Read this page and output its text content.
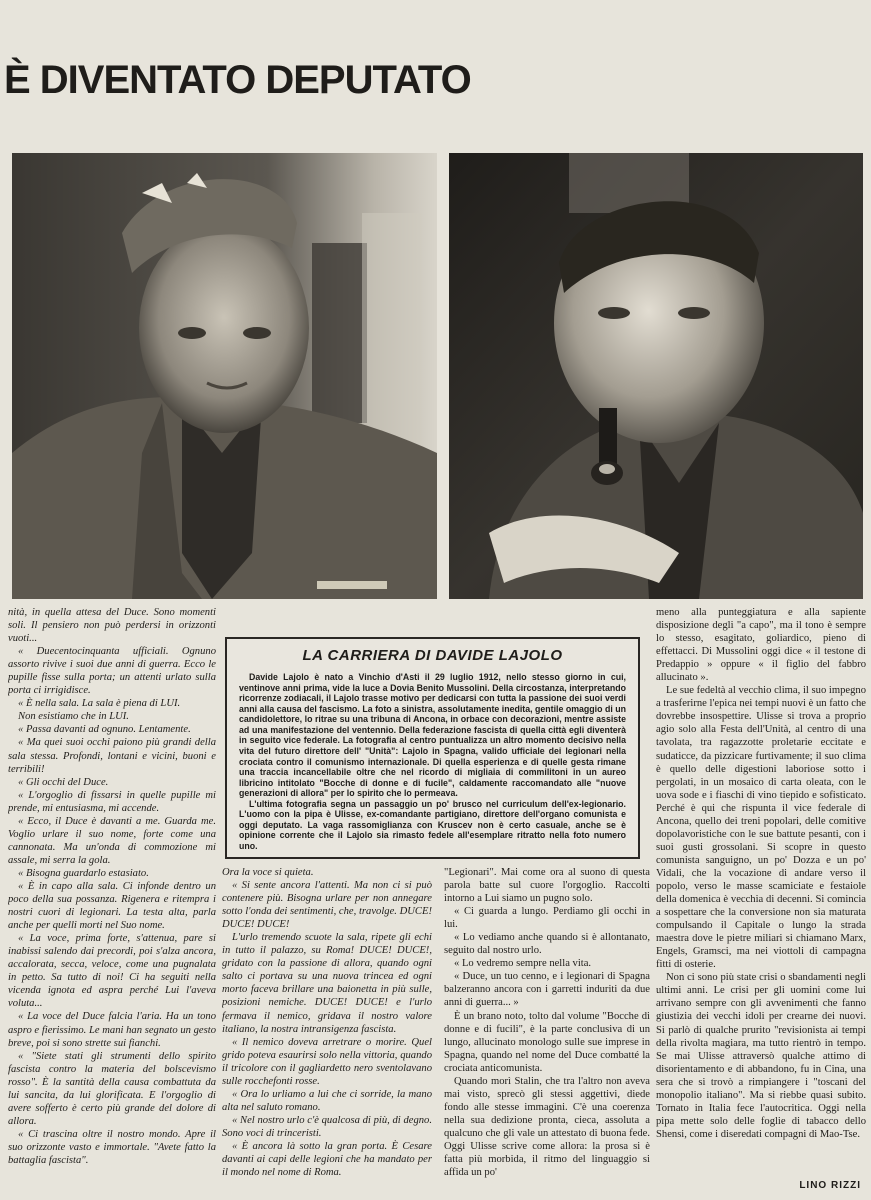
È DIVENTATO DEPUTATO

nità, in quella attesa del Duce. Sono momenti soli. Il pensiero non può perdersi in orizzonti vuoti...

« Duecentocinquanta ufficiali. Ognuno assorto rivive i suoi due anni di guerra. Ecco le pupille fisse sulla porta; un attenti urlato sulla porta ci irrigidisce.

« È nella sala. La sala è piena di LUI.

Non esistiamo che in LUI.

« Passa davanti ad ognuno. Lentamente.

« Ma quei suoi occhi paiono più grandi della sala stessa. Profondi, lontani e vicini, buoni e terribili!

« Gli occhi del Duce.

« L'orgoglio di fissarsi in quelle pupille mi prende, mi entusiasma, mi accende.

« Ecco, il Duce è davanti a me. Guarda me. Voglio urlare il suo nome, forte come una cannonata. Ma un'onda di commozione mi assale, mi serra la gola.

« Bisogna guardarlo estasiato.

« È in capo alla sala. Ci infonde dentro un poco della sua possanza. Rigenera e ritempra i nostri cuori di legionari. La testa alta, parla anche per quelli morti nel Suo nome.

« La voce, prima forte, s'attenua, pare si inabissi salendo dai precordi, poi s'alza ancora, accalorata, secca, veloce, come una pugnalata in petto. Sa tutto di noi! Ci ha seguiti nella vicenda ignota ed aspra perché Lui l'aveva voluta...

« La voce del Duce falcia l'aria. Ha un tono aspro e fierissimo. Le mani han segnato un gesto breve, poi si sono strette sui fianchi.

« "Siete stati gli strumenti dello spirito fascista contro la materia del bolscevismo rosso". È la santità della causa combattuta da lui sancita, da lui glorificata. E l'orgoglio di avere sofferto è certo più grande del dolore di allora.

« Ci trascina oltre il nostro mondo. Apre il suo orizzonte vasto e immortale. "Avete fatto la battaglia fascista".

LA CARRIERA DI DAVIDE LAJOLO

Davide Lajolo è nato a Vinchio d'Asti il 29 luglio 1912, nello stesso giorno in cui, ventinove anni prima, vide la luce a Dovia Benito Mussolini. Della circostanza, interpretando ricorrenze zodiacali, il Lajolo trasse motivo per dedicarsi con tutta la passione dei suoi verdi anni alla causa del fascismo. La foto a sinistra, assolutamente inedita, gentile omaggio di un candidolettore, lo ritrae su una tribuna di Ancona, in orbace con decorazioni, mentre assiste ad una manifestazione del ventennio. Della federazione fascista di quella città egli diventerà in seguito vice federale. La fotografia al centro puntualizza un altro momento decisivo nella vita del futuro direttore dell' "Unità": Lajolo in Spagna, valido ufficiale dei legionari nella crociata contro il comunismo internazionale. Di quella esperienza e di quelle gesta rimane una traccia incancellabile oltre che nel ricordo di migliaia di commilitoni in un aureo libricino intitolato "Bocche di donne e di fucile", caldamente raccomandato alle "nuove generazioni di allora" per lo spirito che lo permeava.

L'ultima fotografia segna un passaggio un po' brusco nel curriculum dell'ex-legionario. L'uomo con la pipa è Ulisse, ex-comandante partigiano, direttore dell'organo comunista e oggi deputato. La vaga rassomiglianza con Kruscev non è certo casuale, anche se è opinione corrente che il Lajolo sia rimasto fedele all'esemplare ritratto nella foto numero uno.

Ora la voce si quieta.

« Si sente ancora l'attenti. Ma non ci si può contenere più. Bisogna urlare per non annegare sotto l'onda dei sentimenti, che, travolge. DUCE! DUCE! DUCE!

L'urlo tremendo scuote la sala, ripete gli echi in tutto il palazzo, su Roma! DUCE! DUCE!, gridato con la passione di allora, quando ogni salto ci portava su una nuova trincea ed ogni morto faceva brillare una baionetta in più sulle, posizioni nemiche. DUCE! DUCE! e l'urlo fermava il nemico, gridava il nostro valore italiano, la nostra intransigenza fascista.

« Il nemico doveva arretrare o morire. Quel grido poteva esaurirsi solo nella vittoria, quando il tricolore con il gagliardetto nero sventolavano sulle rocchefonti rosse.

« Ora lo urliamo a lui che ci sorride, la mano alta nel saluto romano.

« Nel nostro urlo c'è qualcosa di più, di degno. Sono voci di trinceristi.

« È ancora là sotto la gran porta. È Cesare davanti ai capi delle legioni che ha mandato per il mondo nel nome di Roma.

"Legionari". Mai come ora al suono di questa parola batte sul cuore l'orgoglio. Raccolti intorno a Lui siamo un pugno solo.

« Ci guarda a lungo. Perdiamo gli occhi in lui.

« Lo vediamo anche quando si è allontanato, seguito dal nostro urlo.

« Lo vedremo sempre nella vita.

« Duce, un tuo cenno, e i legionari di Spagna balzeranno ancora con i garretti induriti da due anni di guerra... »

È un brano noto, tolto dal volume "Bocche di donne e di fucili", è la parte conclusiva di un lungo, allucinato monologo sulle sue imprese in Spagna, quando nel nome del Duce combatté la crociata anticomunista.

Quando morì Stalin, che tra l'altro non aveva mai visto, sprecò gli stessi aggettivi, diede fondo alle stesse immagini. C'è una coerenza nella sua dedizione pronta, cieca, assoluta a qualcuno che gli vale un attestato di buona fede. Oggi Ulisse scrive come allora: la prosa si è fatta più morbida, il ritmo del linguaggio si affida un po'

meno alla punteggiatura e alla sapiente disposizione degli "a capo", ma il tono è sempre lo stesso, esagitato, goliardico, pieno di effettacci. Di Mussolini oggi dice « il testone di Predappio » oppure « il figlio del fabbro allucinato ».

Le sue fedeltà al vecchio clima, il suo impegno a trasferirne l'epica nei tempi nuovi è un fatto che dovrebbe insospettire. Ulisse si trova a proprio agio solo alla Festa dell'Unità, al centro di una tavolata, tra ragazzotte proletarie eccitate e sudaticce, da pizzicare furtivamente; il suo clima è quello delle digestioni laboriose sotto i pergolati, in un mosaico di carta oleata, con le uova sode e i fiaschi di vino tiepido e sofisticato. Perché è qui che rispunta il vice federale di Ancona, quello dei treni popolari, delle comitive dopolavoristiche con le sue battute pesanti, con i suoi gusti grossolani. Si scopre in questo comunista sanguigno, un po' Dozza e un po' Vidali, che la vocazione di andare verso il popolo, verso le masse scamiciate e festaiole della domenica è vecchia di decenni. Si comincia a sospettare che la conversione non sia maturata compulsando il Capitale o lungo la strada maestra dove le pietre miliari si chiamano Marx, Engels, Gramsci, ma nei viottoli di campagna fitti di osterie.

Non ci sono più state crisi o sbandamenti negli ultimi anni. Le crisi per gli uomini come lui arrivano sempre con gli avvenimenti che fanno giustizia dei vecchi idoli per crearne dei nuovi. Si parlò di qualche prurito "revisionista ai tempi della rivolta magiara, ma tutto rientrò in tempo. Se mai Ulisse attraversò qualche attimo di disorientamento e di abbandono, fu in Cina, una sera che si trovò a rimpiangere i "toscani del monopolio italiano". Ma si riebbe quasi subito. Tornato in Italia fece l'autocritica. Oggi nella pipa mette solo delle foglie di tabacco dello Shensi, come i diseredati compagni di Mao-Tse.

LINO RIZZI
